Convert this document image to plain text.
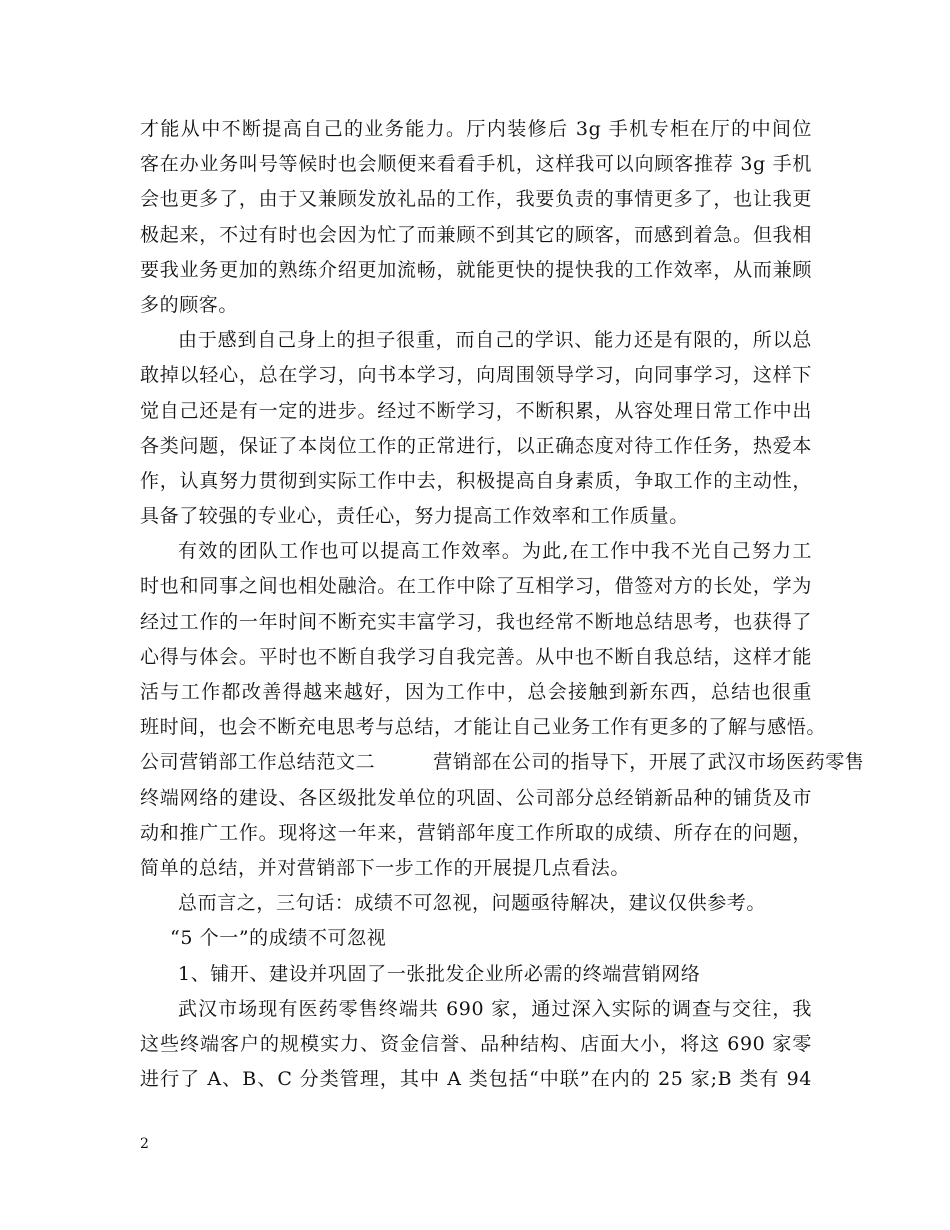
才能从中不断提高自己的业务能力。厅内装修后 3g 手机专柜在厅的中间位
客在办业务叫号等候时也会顺便来看看手机，这样我可以向顾客推荐 3g 手机
会也更多了，由于又兼顾发放礼品的工作，我要负责的事情更多了，也让我更
极起来，不过有时也会因为忙了而兼顾不到其它的顾客，而感到着急。但我相
要我业务更加的熟练介绍更加流畅，就能更快的提快我的工作效率，从而兼顾
多的顾客。
由于感到自己身上的担子很重，而自己的学识、能力还是有限的，所以总
敢掉以轻心，总在学习，向书本学习，向周围领导学习，向同事学习，这样下
觉自己还是有一定的进步。经过不断学习，不断积累，从容处理日常工作中出
各类问题，保证了本岗位工作的正常进行，以正确态度对待工作任务，热爱本
作，认真努力贯彻到实际工作中去，积极提高自身素质，争取工作的主动性，
具备了较强的专业心，责任心，努力提高工作效率和工作质量。
有效的团队工作也可以提高工作效率。为此,在工作中我不光自己努力工
时也和同事之间也相处融洽。在工作中除了互相学习，借签对方的长处，学为
经过工作的一年时间不断充实丰富学习，我也经常不断地总结思考，也获得了
心得与体会。平时也不断自我学习自我完善。从中也不断自我总结，这样才能
活与工作都改善得越来越好，因为工作中，总会接触到新东西，总结也很重
班时间，也会不断充电思考与总结，才能让自己业务工作有更多的了解与感悟。
公司营销部工作总结范文二	营销部在公司的指导下，开展了武汉市场医药零售
终端网络的建设、各区级批发单位的巩固、公司部分总经销新品种的铺货及市
动和推广工作。现将这一年来，营销部年度工作所取的成绩、所存在的问题，
简单的总结，并对营销部下一步工作的开展提几点看法。
总而言之，三句话：成绩不可忽视，问题亟待解决，建议仅供参考。
“5 个一”的成绩不可忽视
1、铺开、建设并巩固了一张批发企业所必需的终端营销网络
武汉市场现有医药零售终端共 690 家，通过深入实际的调查与交往，我
这些终端客户的规模实力、资金信誉、品种结构、店面大小，将这 690 家零
进行了 A、B、C 分类管理，其中 A 类包括“中联”在内的 25 家;B 类有 94
2
